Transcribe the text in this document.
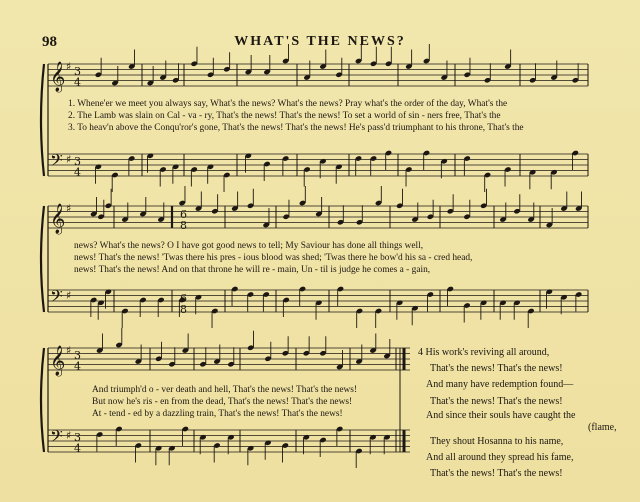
98	WHAT'S THE NEWS?
𝄞
𝄢
♯
♯
3
4
3
4
𝄞
𝄢
♯
♯
6
8
6
8
𝄞
𝄢
♯
♯
3
4
3
4
1. Whene'er we meet you always say, What's the news? What's the news? Pray what's the order of the day, What's the
2. The Lamb was slain on Cal - va - ry, That's the news! That's the news! To set a world of sin - ners free, That's the
3. To heav'n above the Conqu'ror's gone, That's the news! That's the news! He's pass'd triumphant to his throne, That's the
news? What's the news? O I have got good news to tell; My Saviour has done all things well,
news! That's the news! 'Twas there his pres - ious blood was shed; 'Twas there he bow'd his sa - cred head,
news! That's the news! And on that throne he will re - main, Un - til is judge he comes a - gain,
And triumph'd o - ver death and hell, That's the news! That's the news!
But now he's ris - en from the dead, That's the news! That's the news!
At - tend - ed by a dazzling train, That's the news! That's the news!
4 His work's reviving all around,
That's the news! That's the news!
And many have redemption found—
That's the news! That's the news!
And since their souls have caught the
(flame,
They shout Hosanna to his name,
And all around they spread his fame,
That's the news! That's the news!
